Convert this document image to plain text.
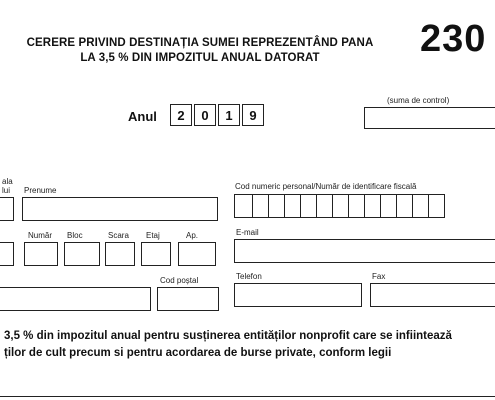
CERERE PRIVIND DESTINAȚIA SUMEI REPREZENTÂND PANA
LA 3,5 % DIN IMPOZITUL ANUAL DATORAT	230
(suma de control)
Anul	2	0	1	9
ala
lui Prenume	Cod numeric personal/Număr de identificare fiscală
Număr Bloc	Scara Etaj	Ap.	E-mail
Cod poștal	Telefon	Fax
3,5 % din impozitul anual pentru susținerea entităților nonprofit care se infiintează
ților de cult precum si pentru acordarea de burse private, conform legii
